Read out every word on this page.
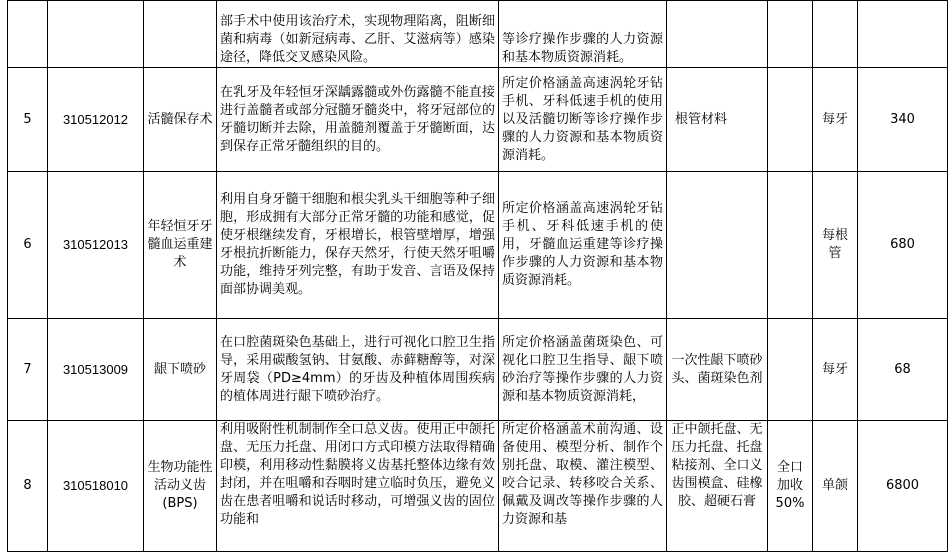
			部手术中使用该治疗术，实现物理陷离，阻断细菌和病毒（如新冠病毒、乙肝、艾滋病等）感染途径，降低交叉感染风险。	等诊疗操作步骤的人力资源和基本物质资源消耗。				
5	310512012	活髓保存术	在乳牙及年轻恒牙深龋露髓或外伤露髓不能直接进行盖髓者或部分冠髓牙髓炎中，将牙冠部位的牙髓切断并去除，用盖髓剂覆盖于牙髓断面，达到保存正常牙髓组织的目的。	所定价格涵盖高速涡轮牙钻手机、牙科低速手机的使用以及活髓切断等诊疗操作步骤的人力资源和基本物质资源消耗。	根管材料		每牙	340
6	310512013	年轻恒牙牙髓血运重建术	利用自身牙髓干细胞和根尖乳头干细胞等种子细胞，形成拥有大部分正常牙髓的功能和感觉，促使牙根继续发育，牙根增长，根管壁增厚，增强牙根抗折断能力，保存天然牙，行使天然牙咀嚼功能，维持牙列完整，有助于发音、言语及保持面部协调美观。	所定价格涵盖高速涡轮牙钻手机、牙科低速手机的使用，牙髓血运重建等诊疗操作步骤的人力资源和基本物质资源消耗。			每根管	680
7	310513009	龈下喷砂	在口腔菌斑染色基础上，进行可视化口腔卫生指导，采用碳酸氢钠、甘氨酸、赤藓糖醇等，对深牙周袋（PD≥4mm）的牙齿及种植体周围疾病的植体周进行龈下喷砂治疗。	所定价格涵盖菌斑染色、可视化口腔卫生指导、龈下喷砂治疗等操作步骤的人力资源和基本物质资源消耗，	一次性龈下喷砂头、菌斑染色剂		每牙	68
8	310518010	生物功能性活动义齿(BPS)	利用吸附性机制制作全口总义齿。使用正中颌托盘、无压力托盘、用闭口方式印模方法取得精确印模，利用移动性黏膜将义齿基托整体边缘有效封闭，并在咀嚼和吞咽时建立临时负压，避免义齿在患者咀嚼和说话时移动，可增强义齿的固位功能和	所定价格涵盖术前沟通、设备使用、模型分析、制作个别托盘、取模、灌注模型、咬合记录、转移咬合关系、佩戴及调改等操作步骤的人力资源和基	正中颌托盘、无压力托盘、托盘粘接剂、全口义齿围模盒、硅橡胶、超硬石膏	全口加收50%	单颌	6800
